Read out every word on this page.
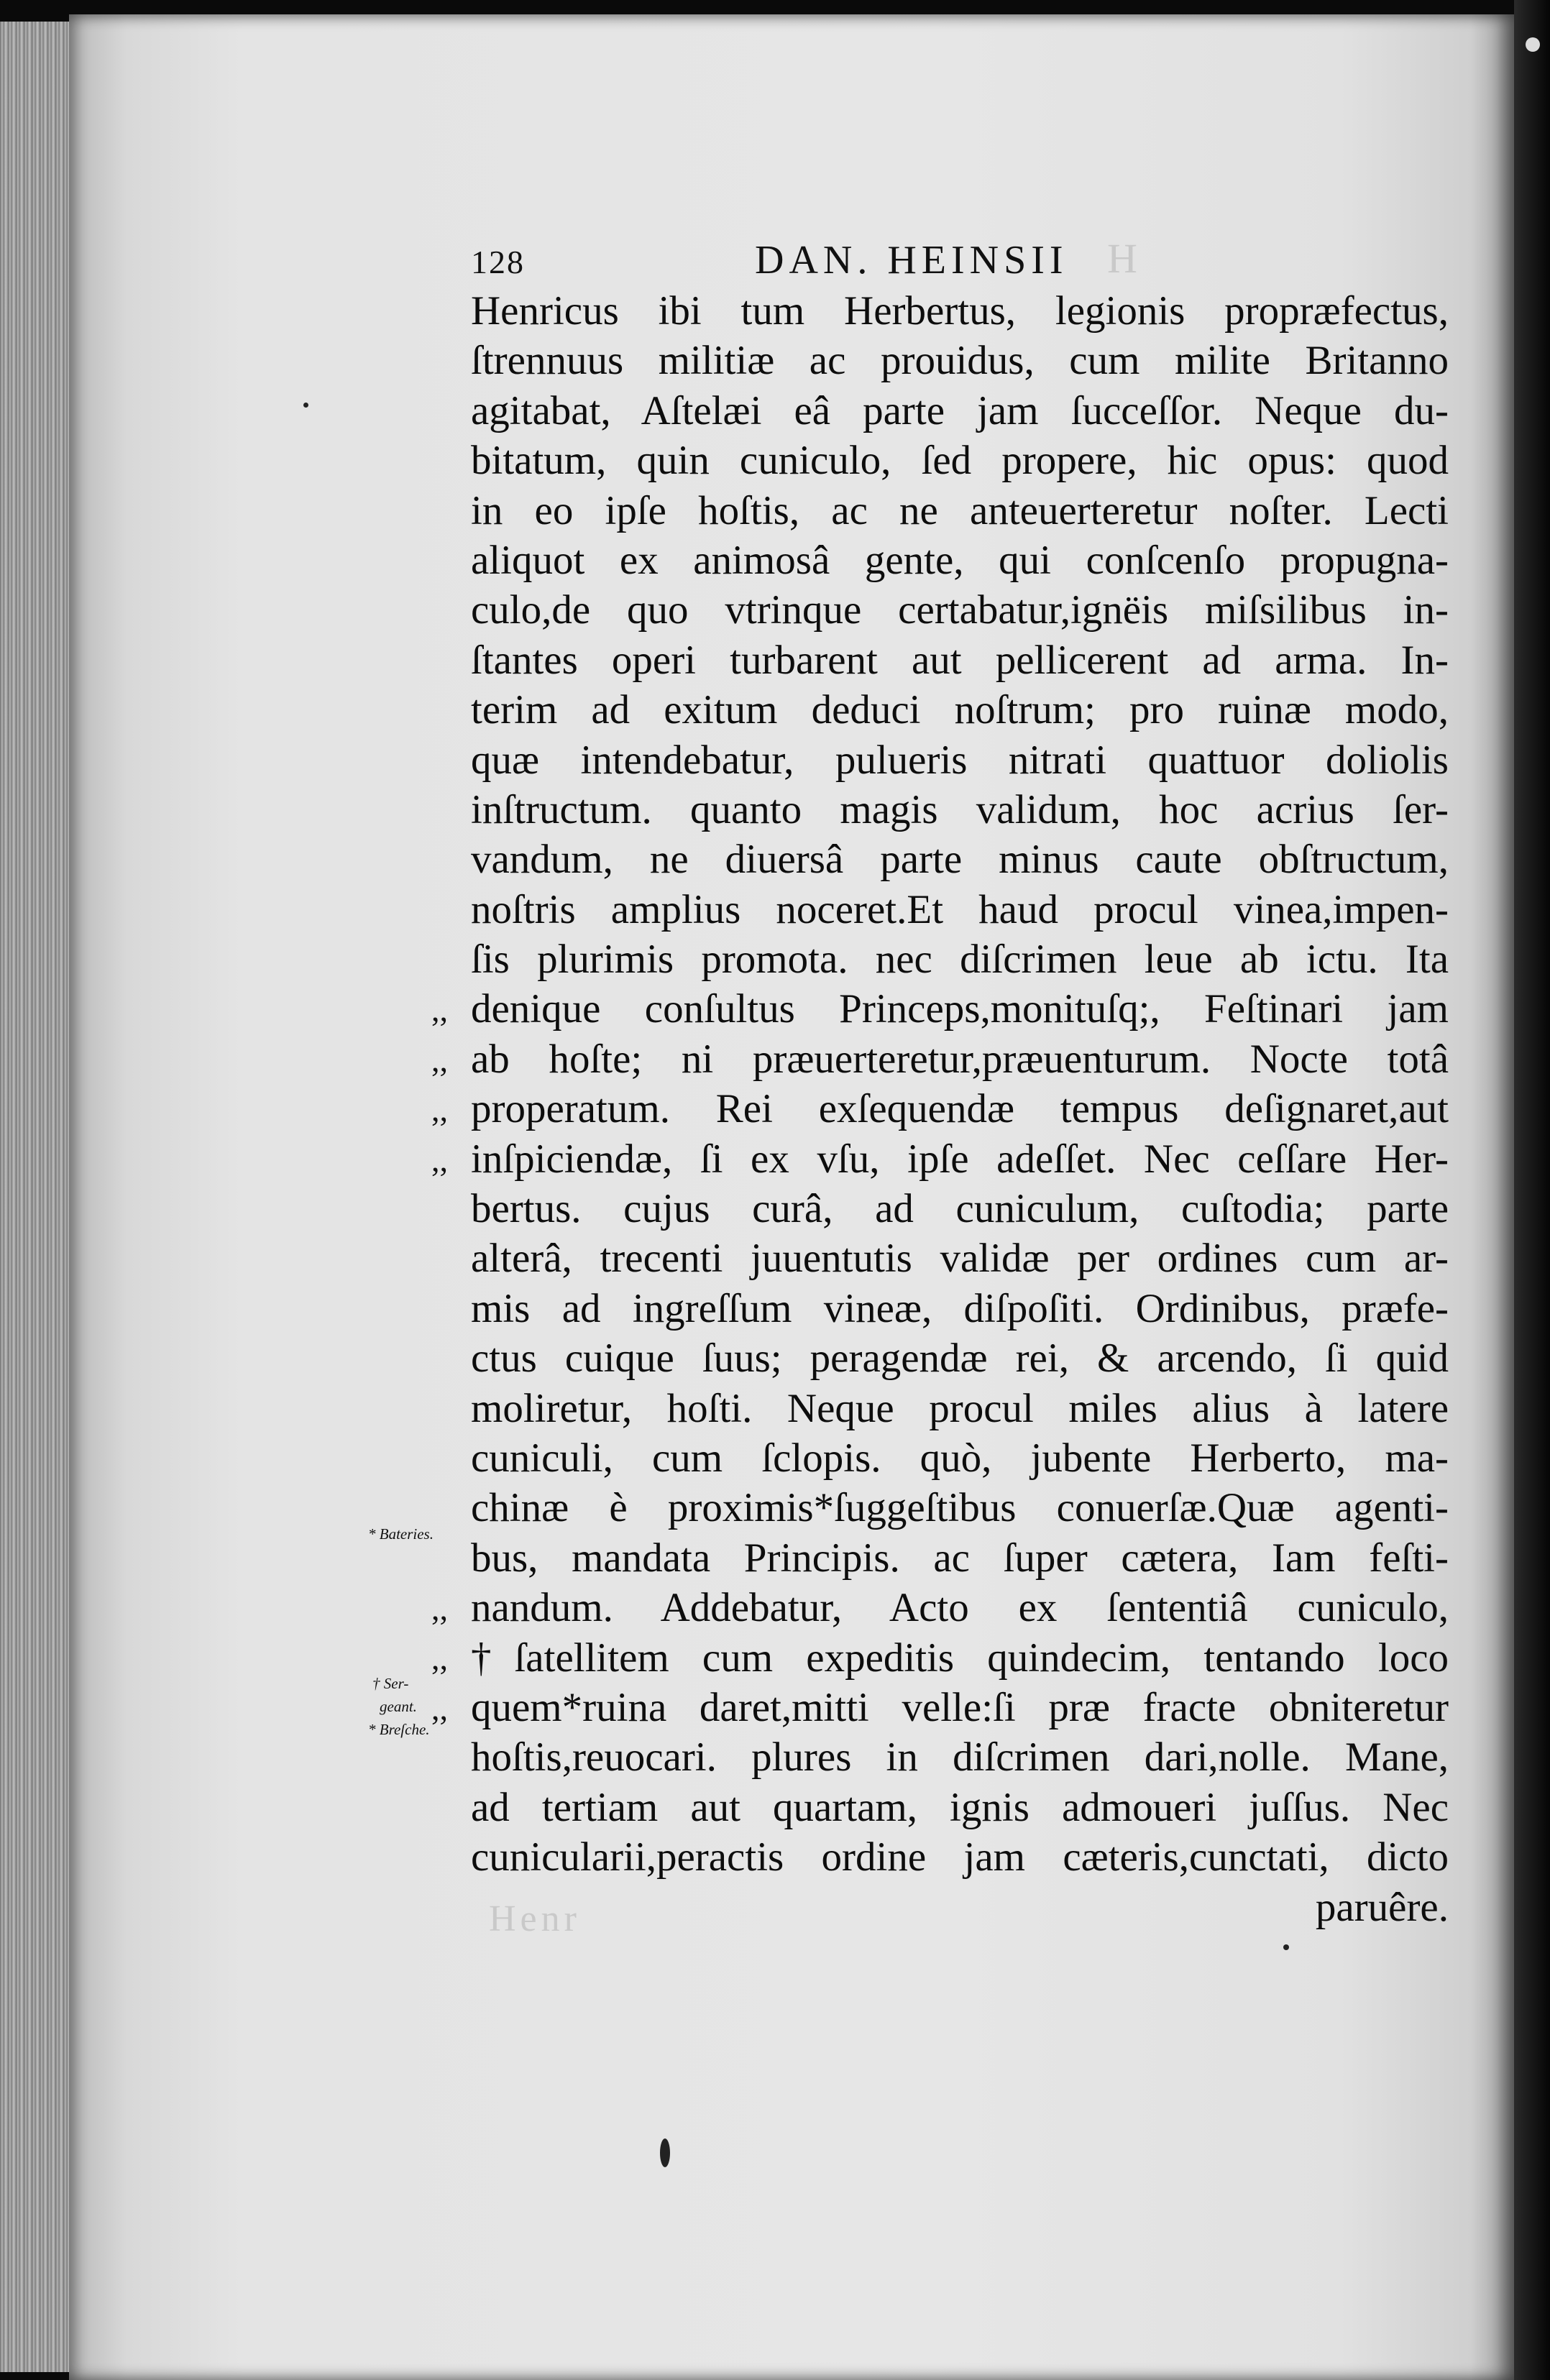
H
Henr
128	DAN. HEINSII
Henricus ibi tum Herbertus, legionis propræfectus,
ſtrennuus militiæ ac prouidus, cum milite Britanno
agitabat, Aſtelæi eâ parte jam ſucceſſor. Neque du-
bitatum, quin cuniculo, ſed propere, hic opus: quod
in eo ipſe hoſtis, ac ne anteuerteretur noſter. Lecti
aliquot ex animosâ gente, qui conſcenſo propugna-
culo,de quo vtrinque certabatur,ignëis miſsilibus in-
ſtantes operi turbarent aut pellicerent ad arma. In-
terim ad exitum deduci noſtrum; pro ruinæ modo,
quæ intendebatur, pulueris nitrati quattuor doliolis
inſtructum. quanto magis validum, hoc acrius ſer-
vandum, ne diuersâ parte minus caute obſtructum,
noſtris amplius noceret.Et haud procul vinea,impen-
ſis plurimis promota. nec diſcrimen leue ab ictu. Ita
denique conſultus Princeps,monituſq;, Feſtinari jam
ab hoſte; ni præuerteretur,præuenturum. Nocte totâ
properatum. Rei exſequendæ tempus deſignaret,aut
inſpiciendæ, ſi ex vſu, ipſe adeſſet. Nec ceſſare Her-
bertus. cujus curâ, ad cuniculum, cuſtodia; parte
alterâ, trecenti juuentutis validæ per ordines cum ar-
mis ad ingreſſum vineæ, diſpoſiti. Ordinibus, præfe-
ctus cuique ſuus; peragendæ rei, & arcendo, ſi quid
moliretur, hoſti. Neque procul miles alius à latere
cuniculi, cum ſclopis. quò, jubente Herberto, ma-
chinæ è proximis*ſuggeſtibus conuerſæ.Quæ agenti-
bus, mandata Principis. ac ſuper cætera, Iam feſti-
nandum. Addebatur, Acto ex ſententiâ cuniculo,
†ſatellitem cum expeditis quindecim, tentando loco
quem*ruina daret,mitti velle:ſi præ fracte obniteretur
hoſtis,reuocari. plures in diſcrimen dari,nolle. Mane,
ad tertiam aut quartam, ignis admoueri juſſus. Nec
cunicularii,peractis ordine jam cæteris,cunctati, dicto
paruêre.
,,
,,
,,
,,
,,
,,
,,
* Bateries.
† Ser-
geant.
* Breſche.
